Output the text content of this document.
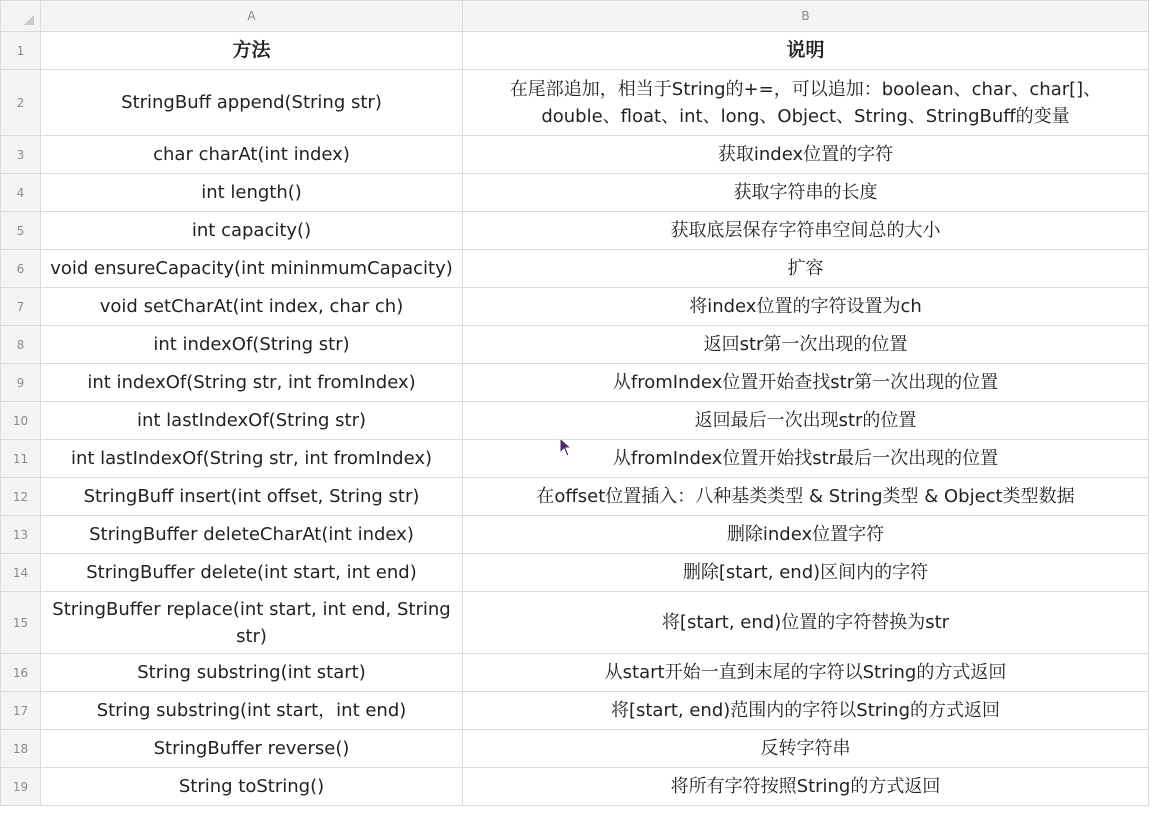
	A	B
1	方法	说明
2	StringBuff append(String str)	在尾部追加，相当于String的+=，可以追加：boolean、char、char[]、double、float、int、long、Object、String、StringBuff的变量
3	char charAt(int index)	获取index位置的字符
4	int length()	获取字符串的长度
5	int capacity()	获取底层保存字符串空间总的大小
6	void ensureCapacity(int mininmumCapacity)	扩容
7	void setCharAt(int index, char ch)	将index位置的字符设置为ch
8	int indexOf(String str)	返回str第一次出现的位置
9	int indexOf(String str, int fromIndex)	从fromIndex位置开始查找str第一次出现的位置
10	int lastIndexOf(String str)	返回最后一次出现str的位置
11	int lastIndexOf(String str, int fromIndex)	从fromIndex位置开始找str最后一次出现的位置
12	StringBuff insert(int offset, String str)	在offset位置插入：八种基类类型 & String类型 & Object类型数据
13	StringBuffer deleteCharAt(int index)	删除index位置字符
14	StringBuffer delete(int start, int end)	删除[start, end)区间内的字符
15	StringBuffer replace(int start, int end, String str)	将[start, end)位置的字符替换为str
16	String substring(int start)	从start开始一直到末尾的字符以String的方式返回
17	String substring(int start，int end)	将[start, end)范围内的字符以String的方式返回
18	StringBuffer reverse()	反转字符串
19	String toString()	将所有字符按照String的方式返回
